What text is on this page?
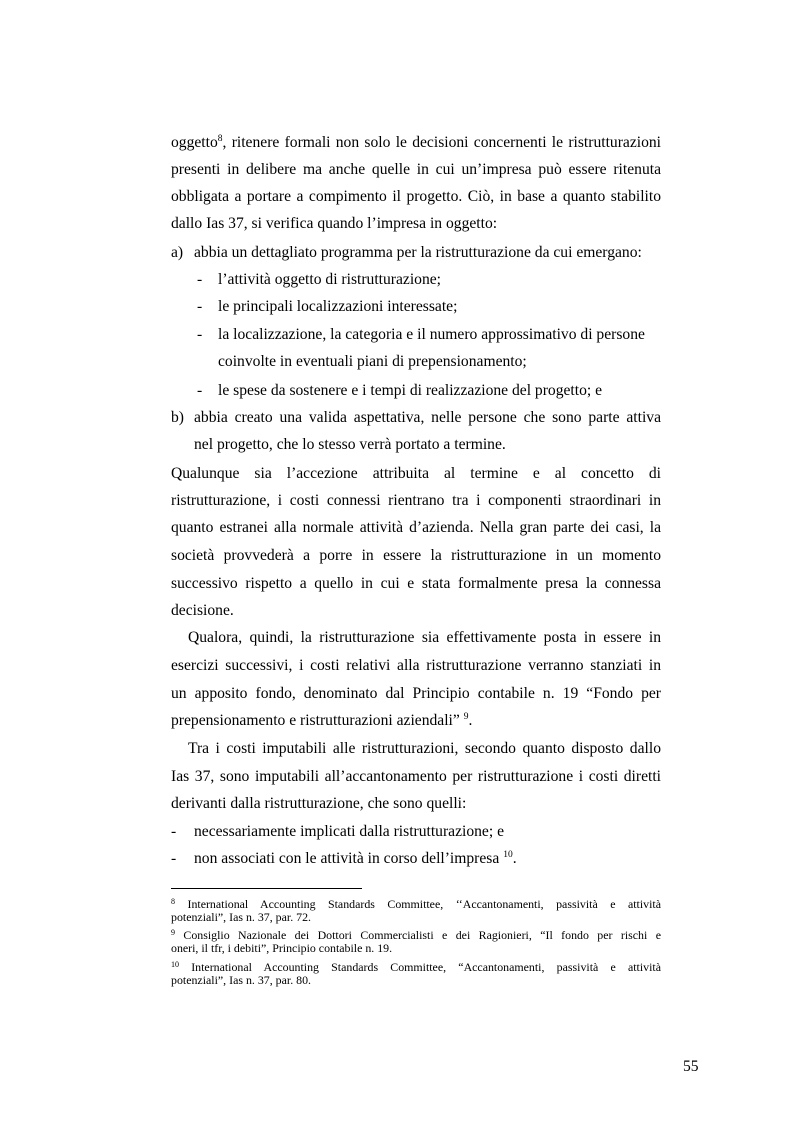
oggetto$^8$, ritenere formali non solo le decisioni concernenti le ristrutturazioni
presenti in delibere ma anche quelle in cui un’impresa può essere ritenuta
obbligata a portare a compimento il progetto. Ciò, in base a quanto stabilito
dallo Ias 37, si verifica quando l’impresa in oggetto:
a) abbia un dettagliato programma per la ristrutturazione da cui emergano:
- l’attività oggetto di ristrutturazione;
- le principali localizzazioni interessate;
- la localizzazione, la categoria e il numero approssimativo di persone
coinvolte in eventuali piani di prepensionamento;
- le spese da sostenere e i tempi di realizzazione del progetto; e
b) abbia creato una valida aspettativa, nelle persone che sono parte attiva
nel progetto, che lo stesso verrà portato a termine.
Qualunque sia l’accezione attribuita al termine e al concetto di
ristrutturazione, i costi connessi rientrano tra i componenti straordinari in
quanto estranei alla normale attività d’azienda. Nella gran parte dei casi, la
società provvederà a porre in essere la ristrutturazione in un momento
successivo rispetto a quello in cui e stata formalmente presa la connessa
decisione.
Qualora, quindi, la ristrutturazione sia effettivamente posta in essere in
esercizi successivi, i costi relativi alla ristrutturazione verranno stanziati in
un apposito fondo, denominato dal Principio contabile n. 19 “Fondo per
prepensionamento e ristrutturazioni aziendali” $^9$.
Tra i costi imputabili alle ristrutturazioni, secondo quanto disposto dallo
Ias 37, sono imputabili all’accantonamento per ristrutturazione i costi diretti
derivanti dalla ristrutturazione, che sono quelli:
- necessariamente implicati dalla ristrutturazione; e
- non associati con le attività in corso dell’impresa $^{10}$.
$^8$ International Accounting Standards Committee, ‘‘Accantonamenti, passività e attività
potenziali”, Ias n. 37, par. 72.
$^9$ Consiglio Nazionale dei Dottori Commercialisti e dei Ragionieri, “Il fondo per rischi e
oneri, il tfr, i debiti”, Principio contabile n. 19.
$^{10}$ International Accounting Standards Committee, “Accantonamenti, passività e attività
potenziali”, Ias n. 37, par. 80.
55
